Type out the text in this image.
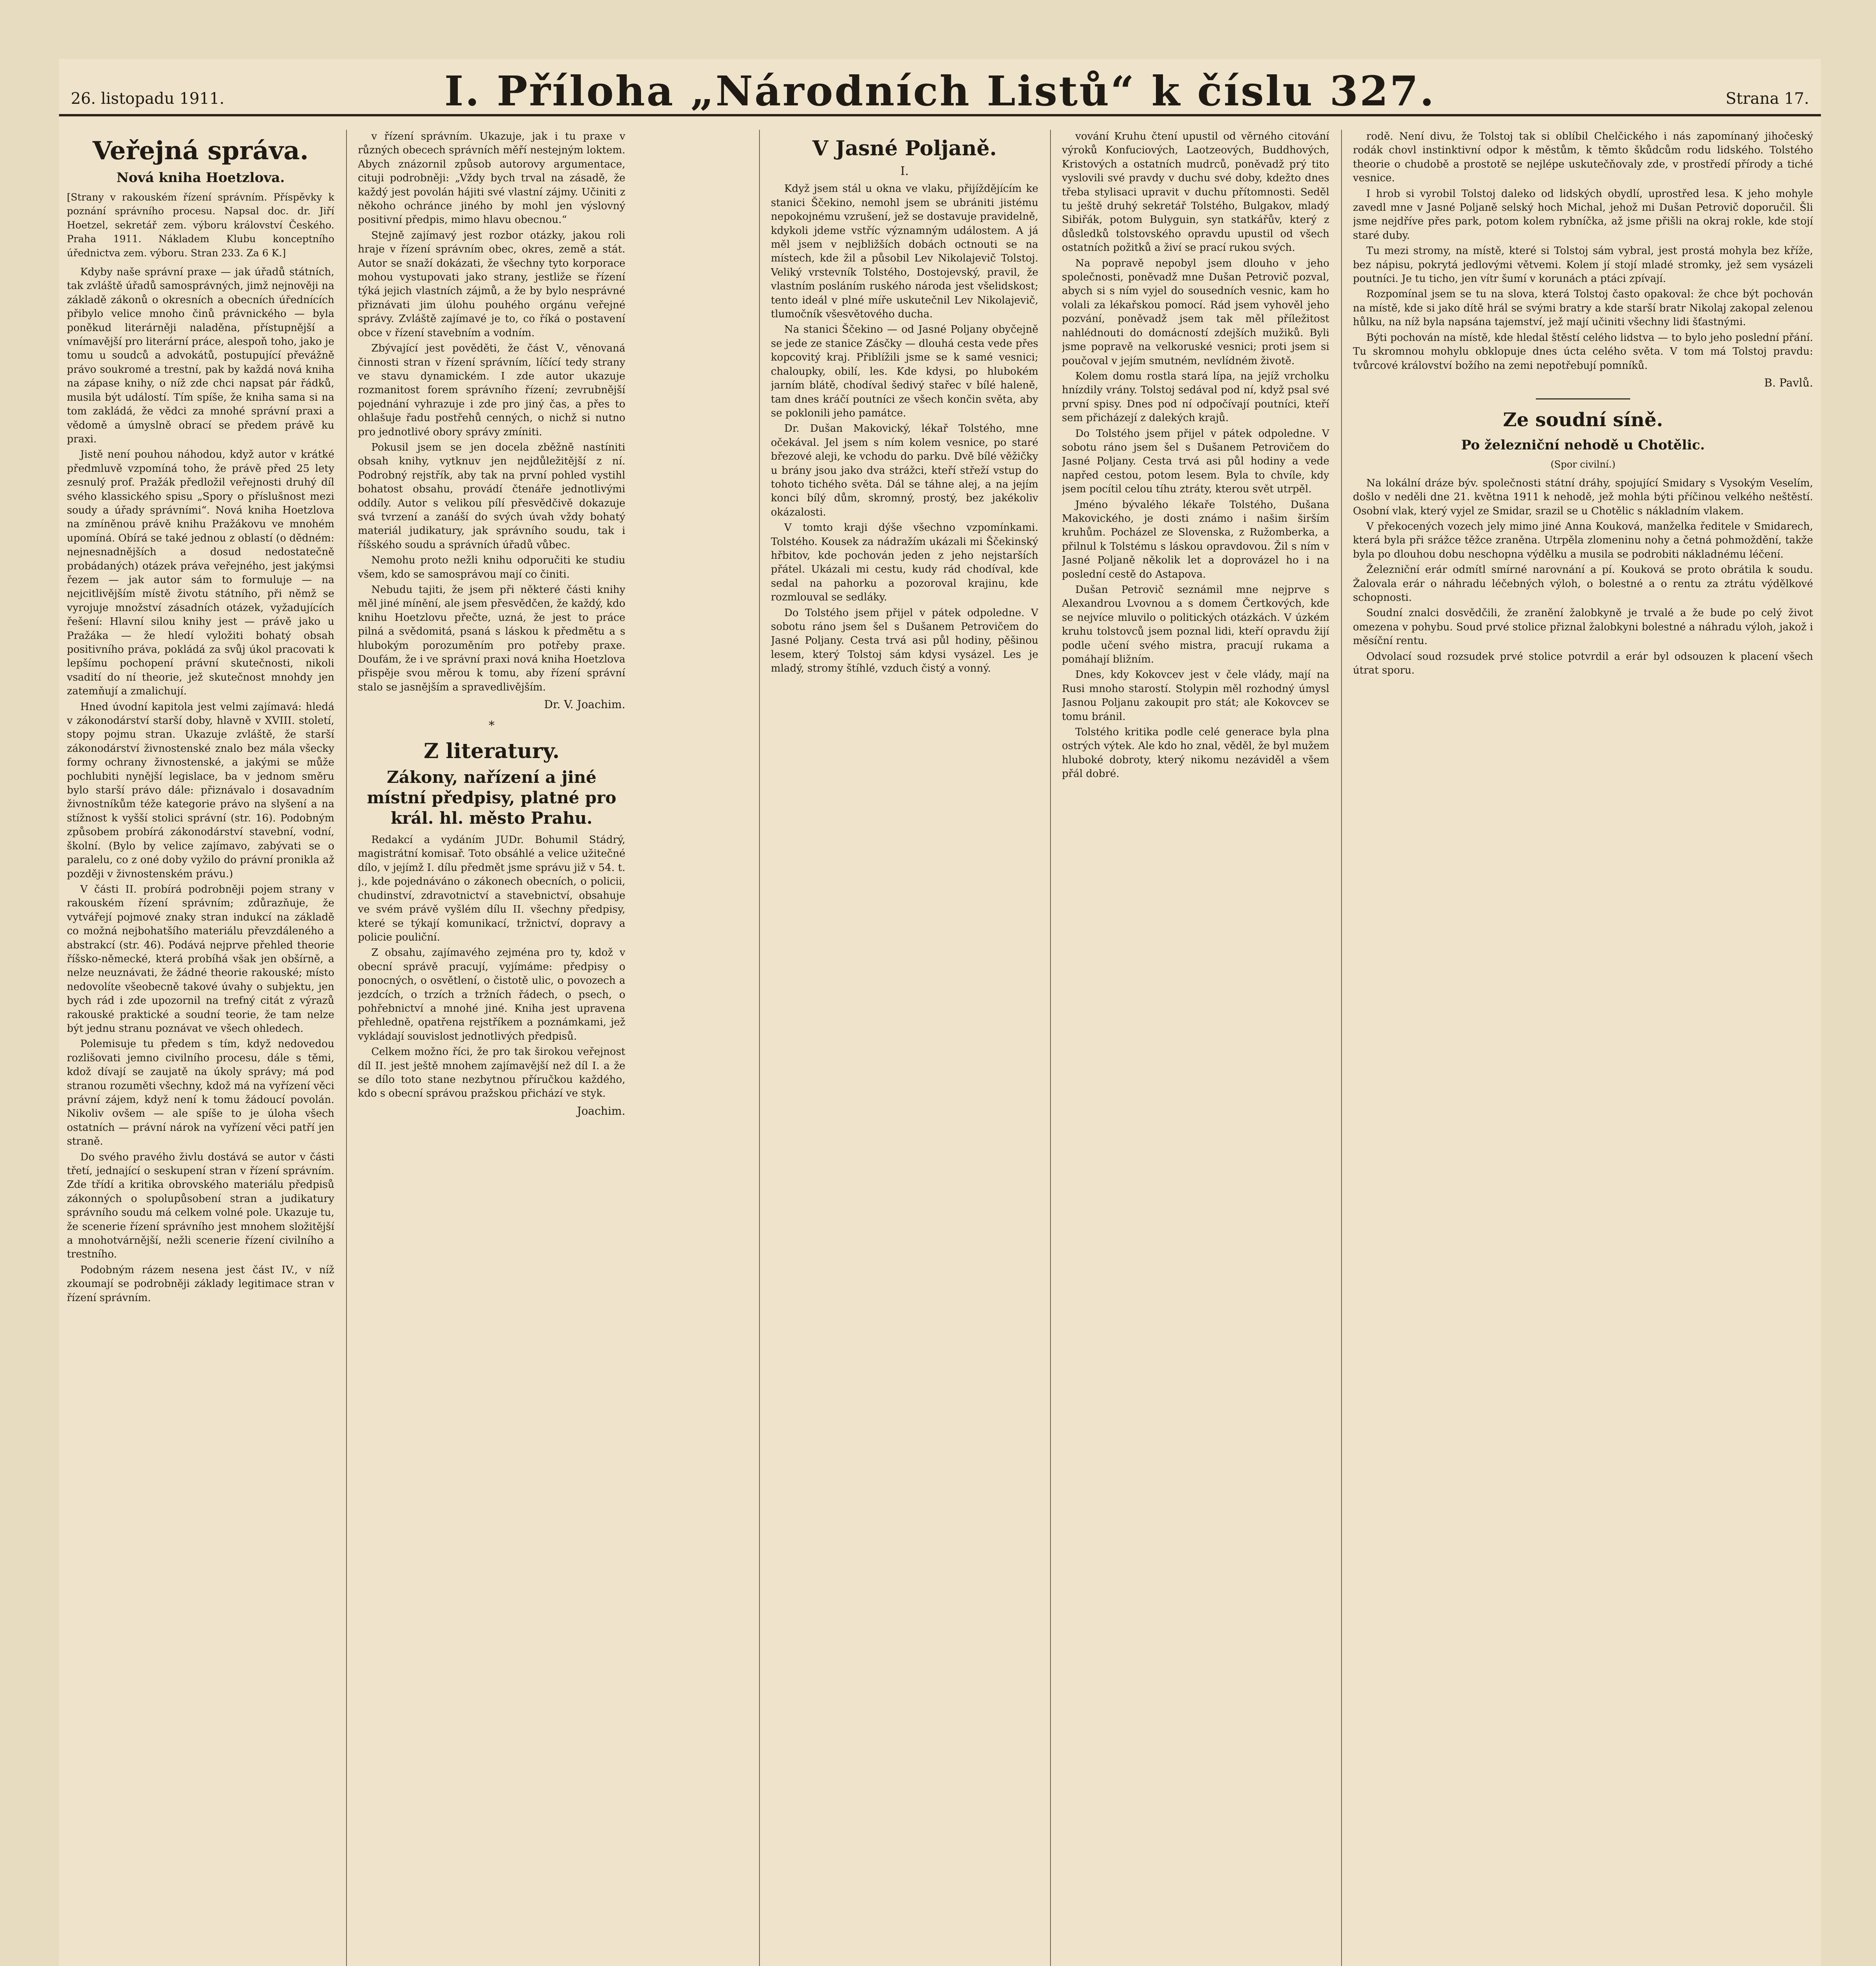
26. listopadu 1911.	I. Příloha „Národních Listů“ k číslu 327.	Strana 17.
Veřejná správa.
Nová kniha Hoetzlova.
[Strany v rakouském řízení správním. Příspěvky k poznání správního procesu. Napsal doc. dr. Jiří Hoetzel, sekretář zem. výboru království Českého. Praha 1911. Nákladem Klubu konceptního úřednictva zem. výboru. Stran 233. Za 6 K.]

Kdyby naše správní praxe — jak úřadů státních, tak zvláště úřadů samosprávných, jimž nejnověji na základě zákonů o okresních a obecních úřednících přibylo velice mnoho činů právnického — byla poněkud literárněji naladěna, přístupnější a vnímavější pro literární práce, alespoň toho, jako je tomu u soudců a advokátů, postupující převážně právo soukromé a trestní, pak by každá nová kniha na zápase knihy, o níž zde chci napsat pár řádků, musila být událostí. Tím spíše, že kniha sama si na tom zakládá, že vědci za mnohé správní praxi a vědomě a úmyslně obrací se předem právě ku praxi.

Jistě není pouhou náhodou, když autor v krátké předmluvě vzpomíná toho, že právě před 25 lety zesnulý prof. Pražák předložil veřejnosti druhý díl svého klassického spisu „Spory o příslušnost mezi soudy a úřady správními“. Nová kniha Hoetzlova na zmíněnou právě knihu Pražákovu ve mnohém upomíná. Obírá se také jednou z oblastí (o dědném: nejnesnadnějších a dosud nedostatečně probádaných) otázek práva veřejného, jest jakýmsi řezem — jak autor sám to formuluje — na nejcitlivějším místě životu státního, při němž se vyrojuje množství zásadních otázek, vyžadujících řešení: Hlavní silou knihy jest — právě jako u Pražáka — že hledí vyložiti bohatý obsah positivního práva, pokládá za svůj úkol pracovati k lepšímu pochopení právní skutečnosti, nikoli vsadití do ní theorie, jež skutečnost mnohdy jen zatemňují a zmalichují.

Hned úvodní kapitola jest velmi zajímavá: hledá v zákonodárství starší doby, hlavně v XVIII. století, stopy pojmu stran. Ukazuje zvláště, že starší zákonodárství živnostenské znalo bez mála všecky formy ochrany živnostenské, a jakými se může pochlubiti nynější legislace, ba v jednom směru bylo starší právo dále: přiznávalo i dosavadním živnostníkům téže kategorie právo na slyšení a na stížnost k vyšší stolici správní (str. 16). Podobným způsobem probírá zákonodárství stavební, vodní, školní. (Bylo by velice zajímavo, zabývati se o paralelu, co z oné doby vyžilo do právní pronikla až později v živnostenském právu.)

V části II. probírá podrobněji pojem strany v rakouském řízení správním; zdůrazňuje, že vytvářejí pojmové znaky stran indukcí na základě co možná nejbohatšího materiálu převzdáleného a abstrakcí (str. 46). Podává nejprve přehled theorie říšsko-německé, která probíhá však jen obšírně, a nelze neuznávati, že žádné theorie rakouské; místo nedovolíte všeobecně takové úvahy o subjektu, jen bych rád i zde upozornil na trefný citát z výrazů rakouské praktické a soudní teorie, že tam nelze být jednu stranu poznávat ve všech ohledech.

Polemisuje tu předem s tím, když nedovedou rozlišovati jemno civilního procesu, dále s těmi, kdož dívají se zaujatě na úkoly správy; má pod stranou rozuměti všechny, kdož má na vyřízení věci právní zájem, když není k tomu žádoucí povolán. Nikoliv ovšem — ale spíše to je úloha všech ostatních — právní nárok na vyřízení věci patří jen straně.

Do svého pravého živlu dostává se autor v části třetí, jednající o seskupení stran v řízení správním. Zde třídí a kritika obrovského materiálu předpisů zákonných o spolupůsobení stran a judikatury správního soudu má celkem volné pole. Ukazuje tu, že scenerie řízení správního jest mnohem složitější a mnohotvárnější, nežli scenerie řízení civilního a trestního.

Podobným rázem nesena jest část IV., v níž zkoumají se podrobněji základy legitimace stran v řízení správním.

v řízení správním. Ukazuje, jak i tu praxe v různých obecech správních měří nestejným loktem. Abych znázornil způsob autorovy argumentace, cituji podrobněji: „Vždy bych trval na zásadě, že každý jest povolán hájiti své vlastní zájmy. Učiniti z někoho ochránce jiného by mohl jen výslovný positivní předpis, mimo hlavu obecnou.“

Stejně zajímavý jest rozbor otázky, jakou roli hraje v řízení správním obec, okres, země a stát. Autor se snaží dokázati, že všechny tyto korporace mohou vystupovati jako strany, jestliže se řízení týká jejich vlastních zájmů, a že by bylo nesprávné přiznávati jim úlohu pouhého orgánu veřejné správy. Zvláště zajímavé je to, co říká o postavení obce v řízení stavebním a vodním.

Zbývající jest pověděti, že část V., věnovaná činnosti stran v řízení správním, líčící tedy strany ve stavu dynamickém. I zde autor ukazuje rozmanitost forem správního řízení; zevrubnější pojednání vyhrazuje i zde pro jiný čas, a přes to ohlašuje řadu postřehů cenných, o nichž si nutno pro jednotlivé obory správy zmíniti.

Pokusil jsem se jen docela zběžně nastíniti obsah knihy, vytknuv jen nejdůležitější z ní. Podrobný rejstřík, aby tak na první pohled vystihl bohatost obsahu, provádí čtenáře jednotlivými oddíly. Autor s velikou pílí přesvědčivě dokazuje svá tvrzení a zanáší do svých úvah vždy bohatý materiál judikatury, jak správního soudu, tak i říšského soudu a správních úřadů vůbec.

Nemohu proto nežli knihu odporučiti ke studiu všem, kdo se samosprávou mají co činiti.

Nebudu tajiti, že jsem při některé části knihy měl jiné mínění, ale jsem přesvědčen, že každý, kdo knihu Hoetzlovu přečte, uzná, že jest to práce pilná a svědomitá, psaná s láskou k předmětu a s hlubokým porozuměním pro potřeby praxe. Doufám, že i ve správní praxi nová kniha Hoetzlova přispěje svou měrou k tomu, aby řízení správní stalo se jasnějším a spravedlivějším.

Dr. V. Joachim.
*
Z literatury.
Zákony, nařízení a jiné místní předpisy, platné pro král. hl. město Prahu.

Redakcí a vydáním JUDr. Bohumil Stádrý, magistrátní komisař. Toto obsáhlé a velice užitečné dílo, v jejímž I. dílu předmět jsme správu již v 54. t. j., kde pojednáváno o zákonech obecních, o policii, chudinství, zdravotnictví a stavebnictví, obsahuje ve svém právě vyšlém dílu II. všechny předpisy, které se týkají komunikací, tržnictví, dopravy a policie pouliční.

Z obsahu, zajímavého zejména pro ty, kdož v obecní správě pracují, vyjímáme: předpisy o ponocných, o osvětlení, o čistotě ulic, o povozech a jezdcích, o trzích a tržních řádech, o psech, o pohřebnictví a mnohé jiné. Kniha jest upravena přehledně, opatřena rejstříkem a poznámkami, jež vykládají souvislost jednotlivých předpisů.

Celkem možno říci, že pro tak širokou veřejnost díl II. jest ještě mnohem zajímavější než díl I. a že se dílo toto stane nezbytnou příručkou každého, kdo s obecní správou pražskou přichází ve styk.

Joachim.
V Jasné Poljaně.
I.

Když jsem stál u okna ve vlaku, přijíždějícím ke stanici Ščekino, nemohl jsem se ubrániti jistému nepokojnému vzrušení, jež se dostavuje pravidelně, kdykoli jdeme vstříc významným událostem. A já měl jsem v nejbližších dobách octnouti se na místech, kde žil a působil Lev Nikolajevič Tolstoj. Veliký vrstevník Tolstého, Dostojevský, pravil, že vlastním posláním ruského národa jest všelidskost; tento ideál v plné míře uskutečnil Lev Nikolajevič, tlumočník všesvětového ducha.

Na stanici Ščekino — od Jasné Poljany obyčejně se jede ze stanice Zásčky — dlouhá cesta vede přes kopcovitý kraj. Přiblížili jsme se k samé vesnici; chaloupky, obilí, les. Kde kdysi, po hlubokém jarním blátě, chodíval šedivý stařec v bílé haleně, tam dnes kráčí poutníci ze všech končin světa, aby se poklonili jeho památce.

Dr. Dušan Makovický, lékař Tolstého, mne očekával. Jel jsem s ním kolem vesnice, po staré březové aleji, ke vchodu do parku. Dvě bílé věžičky u brány jsou jako dva strážci, kteří střeží vstup do tohoto tichého světa. Dál se táhne alej, a na jejím konci bílý dům, skromný, prostý, bez jakékoliv okázalosti.

V tomto kraji dýše všechno vzpomínkami. Tolstého. Kousek za nádražím ukázali mi Ščekinský hřbitov, kde pochován jeden z jeho nejstarších přátel. Ukázali mi cestu, kudy rád chodíval, kde sedal na pahorku a pozoroval krajinu, kde rozmlouval se sedláky.

Do Tolstého jsem přijel v pátek odpoledne. V sobotu ráno jsem šel s Dušanem Petrovičem do Jasné Poljany. Cesta trvá asi půl hodiny, pěšinou lesem, který Tolstoj sám kdysi vysázel. Les je mladý, stromy štíhlé, vzduch čistý a vonný.

vování Kruhu čtení upustil od věrného citování výroků Konfuciových, Laotzeových, Buddhových, Kristových a ostatních mudrců, poněvadž prý tito vyslovili své pravdy v duchu své doby, kdežto dnes třeba stylisaci upravit v duchu přítomnosti. Seděl tu ještě druhý sekretář Tolstého, Bulgakov, mladý Sibiřák, potom Bulyguin, syn statkářův, který z důsledků tolstovského opravdu upustil od všech ostatních požitků a živí se prací rukou svých.

Na popravě nepobyl jsem dlouho v jeho společnosti, poněvadž mne Dušan Petrovič pozval, abych si s ním vyjel do sousedních vesnic, kam ho volali za lékařskou pomocí. Rád jsem vyhověl jeho pozvání, poněvadž jsem tak měl příležitost nahlédnouti do domácností zdejších mužiků. Byli jsme popravě na velkoruské vesnici; proti jsem si poučoval v jejím smutném, nevlídném životě.

Kolem domu rostla stará lípa, na jejíž vrcholku hnízdily vrány. Tolstoj sedával pod ní, když psal své první spisy. Dnes pod ní odpočívají poutníci, kteří sem přicházejí z dalekých krajů.

Do Tolstého jsem přijel v pátek odpoledne. V sobotu ráno jsem šel s Dušanem Petrovičem do Jasné Poljany. Cesta trvá asi půl hodiny a vede napřed cestou, potom lesem. Byla to chvíle, kdy jsem pocítil celou tíhu ztráty, kterou svět utrpěl.

Jméno bývalého lékaře Tolstého, Dušana Makovického, je dosti známo i našim širším kruhům. Pocházel ze Slovenska, z Ružomberka, a přilnul k Tolstému s láskou opravdovou. Žil s ním v Jasné Poljaně několik let a doprovázel ho i na poslední cestě do Astapova.

Dušan Petrovič seznámil mne nejprve s Alexandrou Lvovnou a s domem Čertkových, kde se nejvíce mluvilo o politických otázkách. V úzkém kruhu tolstovců jsem poznal lidi, kteří opravdu žijí podle učení svého mistra, pracují rukama a pomáhají bližním.

Dnes, kdy Kokovcev jest v čele vlády, mají na Rusi mnoho starostí. Stolypin měl rozhodný úmysl Jasnou Poljanu zakoupit pro stát; ale Kokovcev se tomu bránil.

Tolstého kritika podle celé generace byla plna ostrých výtek. Ale kdo ho znal, věděl, že byl mužem hluboké dobroty, který nikomu nezáviděl a všem přál dobré.

rodě. Není divu, že Tolstoj tak si oblíbil Chelčického i nás zapomínaný jihočeský rodák chovl instinktivní odpor k městům, k těmto škůdcům rodu lidského. Tolstého theorie o chudobě a prostotě se nejlépe uskutečňovaly zde, v prostředí přírody a tiché vesnice.

I hrob si vyrobil Tolstoj daleko od lidských obydlí, uprostřed lesa. K jeho mohyle zavedl mne v Jasné Poljaně selský hoch Michal, jehož mi Dušan Petrovič doporučil. Šli jsme nejdříve přes park, potom kolem rybníčka, až jsme přišli na okraj rokle, kde stojí staré duby.

Tu mezi stromy, na místě, které si Tolstoj sám vybral, jest prostá mohyla bez kříže, bez nápisu, pokrytá jedlovými větvemi. Kolem jí stojí mladé stromky, jež sem vysázeli poutníci. Je tu ticho, jen vítr šumí v korunách a ptáci zpívají.

Rozpomínal jsem se tu na slova, která Tolstoj často opakoval: že chce být pochován na místě, kde si jako dítě hrál se svými bratry a kde starší bratr Nikolaj zakopal zelenou hůlku, na níž byla napsána tajemství, jež mají učiniti všechny lidi šťastnými.

Býti pochován na místě, kde hledal štěstí celého lidstva — to bylo jeho poslední přání. Tu skromnou mohylu obklopuje dnes úcta celého světa. V tom má Tolstoj pravdu: tvůrcové království božího na zemi nepotřebují pomníků.

B. Pavlů.
Ze soudní síně.
Po železniční nehodě u Chotělic.
(Spor civilní.)

Na lokální dráze býv. společnosti státní dráhy, spojující Smidary s Vysokým Veselím, došlo v neděli dne 21. května 1911 k nehodě, jež mohla býti příčinou velkého neštěstí. Osobní vlak, který vyjel ze Smidar, srazil se u Chotělic s nákladním vlakem.

V překocených vozech jely mimo jiné Anna Kouková, manželka ředitele v Smidarech, která byla při srážce těžce zraněna. Utrpěla zlomeninu nohy a četná pohmoždění, takže byla po dlouhou dobu neschopna výdělku a musila se podrobiti nákladnému léčení.

Železniční erár odmítl smírné narovnání a pí. Kouková se proto obrátila k soudu. Žalovala erár o náhradu léčebných výloh, o bolestné a o rentu za ztrátu výdělkové schopnosti.

Soudní znalci dosvědčili, že zranění žalobkyně je trvalé a že bude po celý život omezena v pohybu. Soud prvé stolice přiznal žalobkyni bolestné a náhradu výloh, jakož i měsíční rentu.

Odvolací soud rozsudek prvé stolice potvrdil a erár byl odsouzen k placení všech útrat sporu.
